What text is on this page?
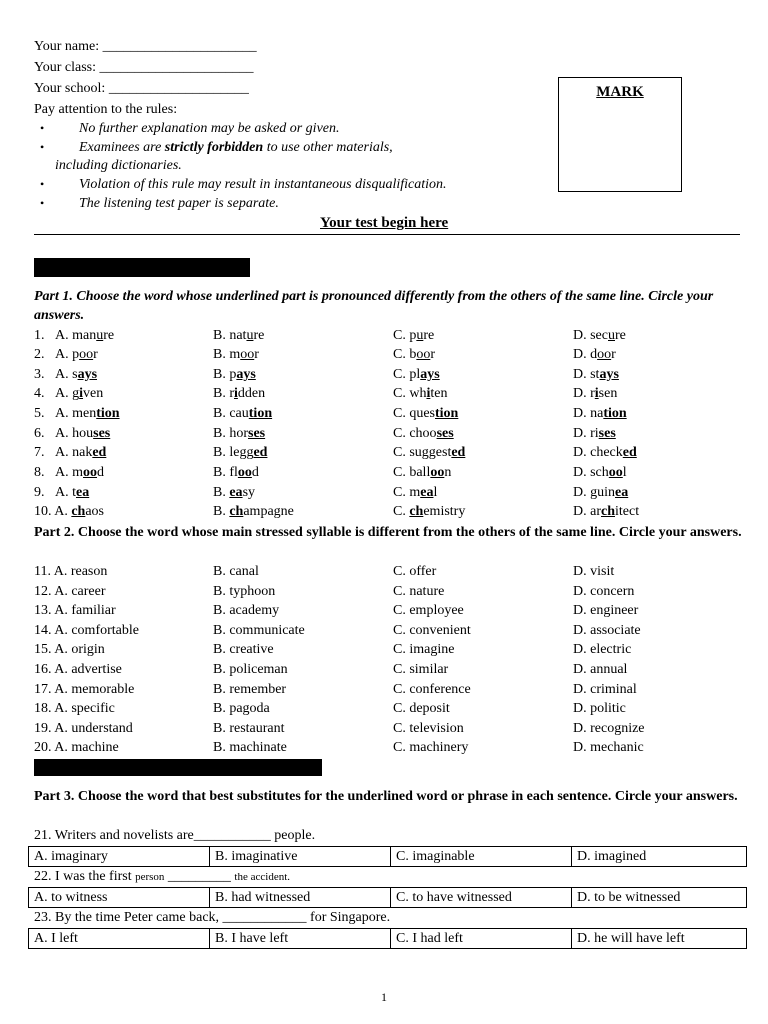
Your name: ______________________
Your class: ______________________
Your school: ____________________
Pay attention to the rules:
• No further explanation may be asked or given.
• Examinees are strictly forbidden to use other materials,
including dictionaries.
• Violation of this rule may result in instantaneous disqualification.
• The listening test paper is separate.
MARK
Your test begin here
Part 1. Choose the word whose underlined part is pronounced differently from the others of the same line. Circle your answers.
1.   A. manure	B. nature	C. pure	D. secure
2.   A. poor	B. moor	C. boor	D. door
3.   A. says	B. pays	C. plays	D. stays
4.   A. given	B. ridden	C. whiten	D. risen
5.   A. mention	B. caution	C. question	D. nation
6.   A. houses	B. horses	C. chooses	D. rises
7.   A. naked	B. legged	C. suggested	D. checked
8.   A. mood	B. flood	C. balloon	D. school
9.   A. tea	B. easy	C. meal	D. guinea
10. A. chaos	B. champagne	C. chemistry	D. architect
Part 2. Choose the word whose main stressed syllable is different from the others of the same line. Circle your answers.
11. A. reason	B. canal	C. offer	D. visit
12. A. career	B. typhoon	C. nature	D. concern
13. A. familiar	B. academy	C. employee	D. engineer
14. A. comfortable	B. communicate	C. convenient	D. associate
15. A. origin	B. creative	C. imagine	D. electric
16. A. advertise	B. policeman	C. similar	D. annual
17. A. memorable	B. remember	C. conference	D. criminal
18. A. specific	B. pagoda	C. deposit	D. politic
19. A. understand	B. restaurant	C. television	D. recognize
20. A. machine	B. machinate	C. machinery	D. mechanic
Part 3. Choose the word that best substitutes for the underlined word or phrase in each sentence. Circle your answers.
21. Writers and novelists are___________ people.
A. imaginary	B. imaginative	C. imaginable	D. imagined
22. I was the first person _________ the accident.
A. to witness	B. had witnessed	C. to have witnessed	D. to be witnessed
23. By the time Peter came back, ____________ for Singapore.
A. I left	B. I have left	C. I had left	D. he will have left
1
